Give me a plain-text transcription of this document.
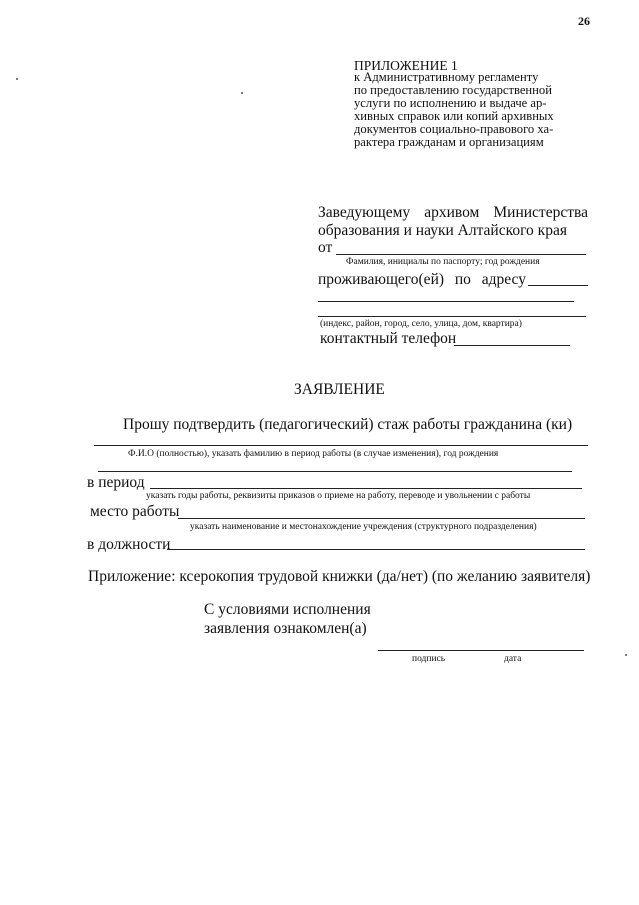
26
ПРИЛОЖЕНИЕ 1
к Административному регламенту
по предоставлению государственной
услуги по исполнению и выдаче ар-
хивных справок или копий архивных
документов социально-правового ха-
рактера гражданам и организациям
Заведующему архивом Министерства
образования и науки Алтайского края
от
Фамилия, инициалы по паспорту; год рождения
проживающего(ей) по адресу
(индекс, район, город, село, улица, дом, квартира)
контактный телефон
ЗАЯВЛЕНИЕ
Прошу подтвердить (педагогический) стаж работы гражданина (ки)
Ф.И.О (полностью), указать фамилию в период работы (в случае изменения), год рождения
в период
указать годы работы, реквизиты приказов о приеме на работу, переводе и увольнении с работы
место работы
указать наименование и местонахождение учреждения (структурного подразделения)
в должности
Приложение: ксерокопия трудовой книжки (да/нет) (по желанию заявителя)
С условиями исполнения
заявления ознакомлен(а)
подпись	дата
